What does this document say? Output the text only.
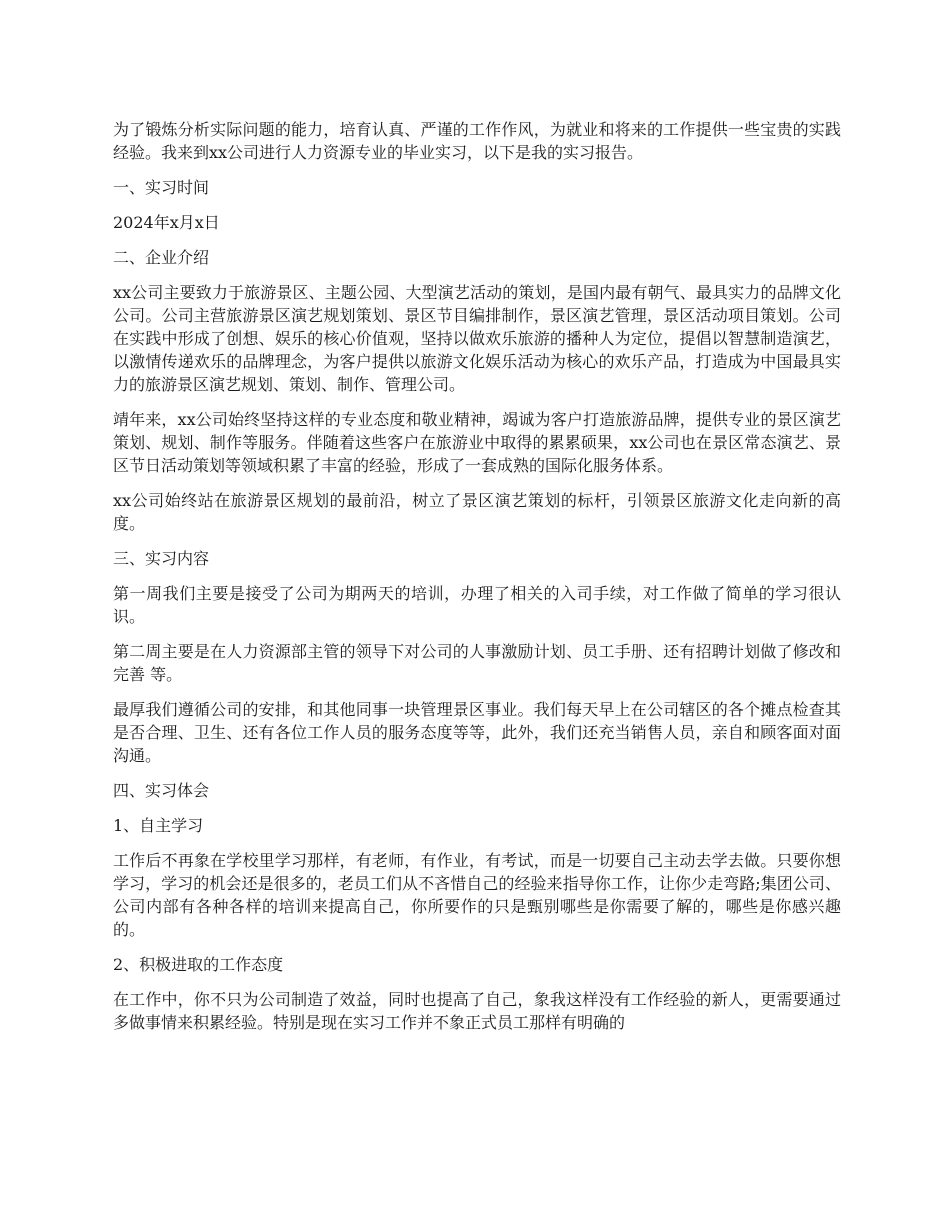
为了锻炼分析实际问题的能力，培育认真、严谨的工作作风，为就业和将来的工作提供一些宝贵的实践经验。我来到xx公司进行人力资源专业的毕业实习，以下是我的实习报告。

一、实习时间

2024年x月x日

二、企业介绍

xx公司主要致力于旅游景区、主题公园、大型演艺活动的策划，是国内最有朝气、最具实力的品牌文化公司。公司主营旅游景区演艺规划策划、景区节目编排制作，景区演艺管理，景区活动项目策划。公司在实践中形成了创想、娱乐的核心价值观，坚持以做欢乐旅游的播种人为定位，提倡以智慧制造演艺，以激情传递欢乐的品牌理念，为客户提供以旅游文化娱乐活动为核心的欢乐产品，打造成为中国最具实力的旅游景区演艺规划、策划、制作、管理公司。

靖年来，xx公司始终坚持这样的专业态度和敬业精神，竭诚为客户打造旅游品牌，提供专业的景区演艺策划、规划、制作等服务。伴随着这些客户在旅游业中取得的累累硕果，xx公司也在景区常态演艺、景区节日活动策划等领域积累了丰富的经验，形成了一套成熟的国际化服务体系。

xx公司始终站在旅游景区规划的最前沿，树立了景区演艺策划的标杆，引领景区旅游文化走向新的高度。

三、实习内容

第一周我们主要是接受了公司为期两天的培训，办理了相关的入司手续，对工作做了简单的学习很认识。

第二周主要是在人力资源部主管的领导下对公司的人事激励计划、员工手册、还有招聘计划做了修改和完善 等。

最厚我们遵循公司的安排，和其他同事一块管理景区事业。我们每天早上在公司辖区的各个摊点检查其是否合理、卫生、还有各位工作人员的服务态度等等，此外，我们还充当销售人员，亲自和顾客面对面沟通。

四、实习体会

1、自主学习

工作后不再象在学校里学习那样，有老师，有作业，有考试，而是一切要自己主动去学去做。只要你想学习，学习的机会还是很多的，老员工们从不吝惜自己的经验来指导你工作，让你少走弯路;集团公司、公司内部有各种各样的培训来提高自己，你所要作的只是甄别哪些是你需要了解的，哪些是你感兴趣的。

2、积极进取的工作态度

在工作中，你不只为公司制造了效益，同时也提高了自己，象我这样没有工作经验的新人，更需要通过多做事情来积累经验。特别是现在实习工作并不象正式员工那样有明确的
